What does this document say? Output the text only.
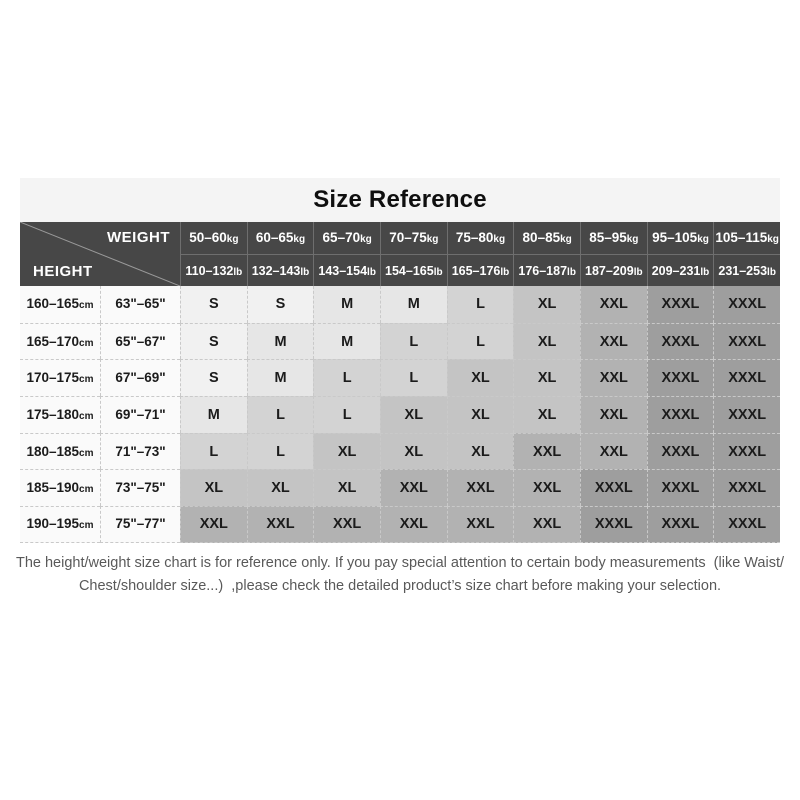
Size Reference
WEIGHT
HEIGHT
50–60kg 60–65kg 65–70kg 70–75kg 75–80kg 80–85kg 85–95kg 95–105kg 105–115kg
110–132lb 132–143lb 143–154lb 154–165lb 165–176lb 176–187lb 187–209lb 209–231lb 231–253lb
160–165cm 63"–65"	S	S	M	M	L	XL	XXL XXXL XXXL
165–170cm 65"–67"	S	M	M	L	L	XL	XXL XXXL XXXL
170–175cm 67"–69"	S	M	L	L	XL	XL	XXL XXXL XXXL
175–180cm 69"–71"	M	L	L	XL	XL	XL	XXL XXXL XXXL
180–185cm 71"–73"	L	L	XL	XL	XL	XXL	XXL XXXL XXXL
185–190cm 73"–75"	XL	XL	XL	XXL	XXL	XXL XXXL XXXL XXXL
190–195cm 75"–77" XXL	XXL	XXL	XXL	XXL	XXL XXXL XXXL XXXL

The height/weight size chart is for reference only. If you pay special attention to certain body measurements  (like Waist/

Chest/shoulder size...)  ,please check the detailed product’s size chart before making your selection.
